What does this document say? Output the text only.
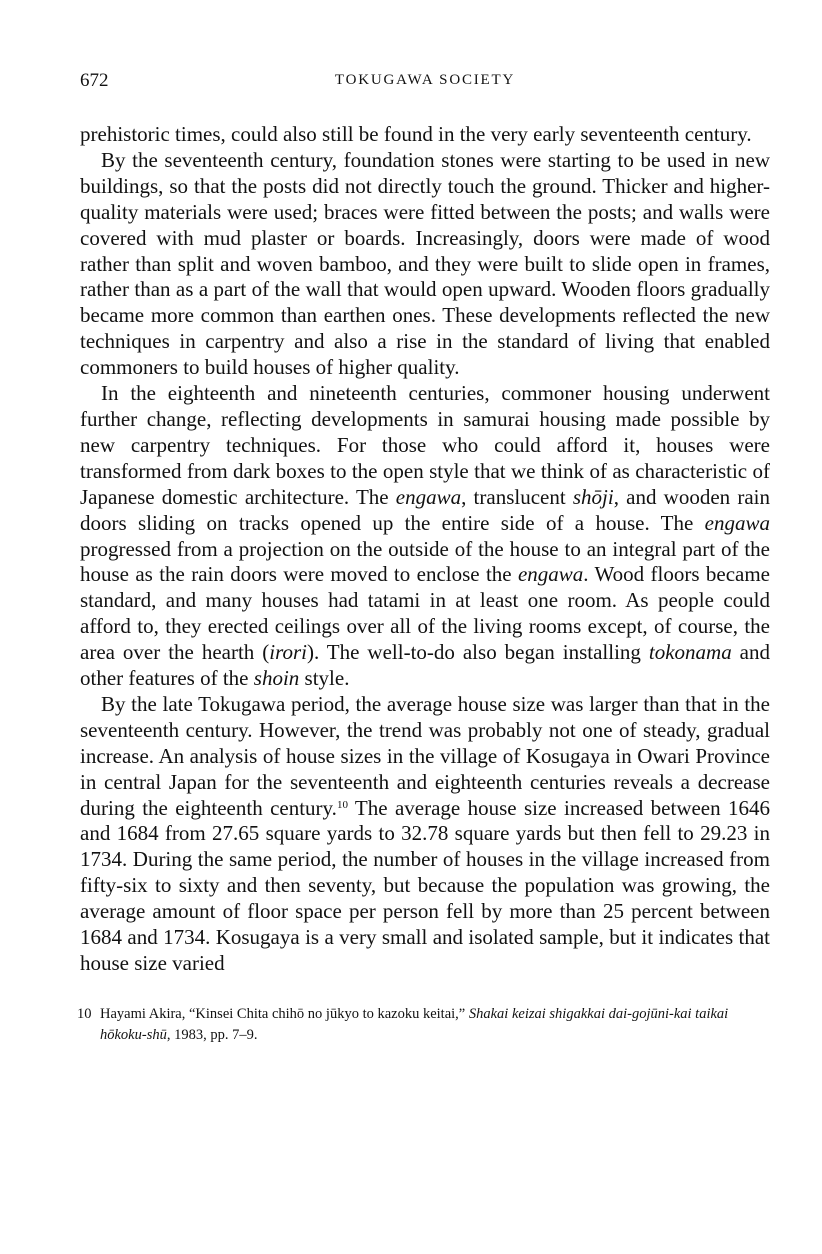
672	TOKUGAWA SOCIETY

prehistoric times, could also still be found in the very early seventeenth century.

By the seventeenth century, foundation stones were starting to be used in new buildings, so that the posts did not directly touch the ground. Thicker and higher-quality materials were used; braces were fitted between the posts; and walls were covered with mud plaster or boards. Increasingly, doors were made of wood rather than split and woven bamboo, and they were built to slide open in frames, rather than as a part of the wall that would open upward. Wooden floors gradually became more common than earthen ones. These developments reflected the new techniques in carpentry and also a rise in the standard of living that enabled commoners to build houses of higher quality.

In the eighteenth and nineteenth centuries, commoner housing underwent further change, reflecting developments in samurai housing made possible by new carpentry techniques. For those who could afford it, houses were transformed from dark boxes to the open style that we think of as characteristic of Japanese domestic architecture. The engawa, translucent shōji, and wooden rain doors sliding on tracks opened up the entire side of a house. The engawa progressed from a projection on the outside of the house to an integral part of the house as the rain doors were moved to enclose the engawa. Wood floors became standard, and many houses had tatami in at least one room. As people could afford to, they erected ceilings over all of the living rooms except, of course, the area over the hearth (irori). The well-to-do also began installing tokonama and other features of the shoin style.

By the late Tokugawa period, the average house size was larger than that in the seventeenth century. However, the trend was probably not one of steady, gradual increase. An analysis of house sizes in the village of Kosugaya in Owari Province in central Japan for the seventeenth and eighteenth centuries reveals a decrease during the eighteenth century.$^{10}$ The average house size increased between 1646 and 1684 from 27.65 square yards to 32.78 square yards but then fell to 29.23 in 1734. During the same period, the number of houses in the village increased from fifty-six to sixty and then seventy, but because the population was growing, the average amount of floor space per person fell by more than 25 percent between 1684 and 1734. Kosugaya is a very small and isolated sample, but it indicates that house size varied

10 Hayami Akira, “Kinsei Chita chihō no jūkyo to kazoku keitai,” Shakai keizai shigakkai dai-gojūni-kai taikai hōkoku-shū, 1983, pp. 7–9.
